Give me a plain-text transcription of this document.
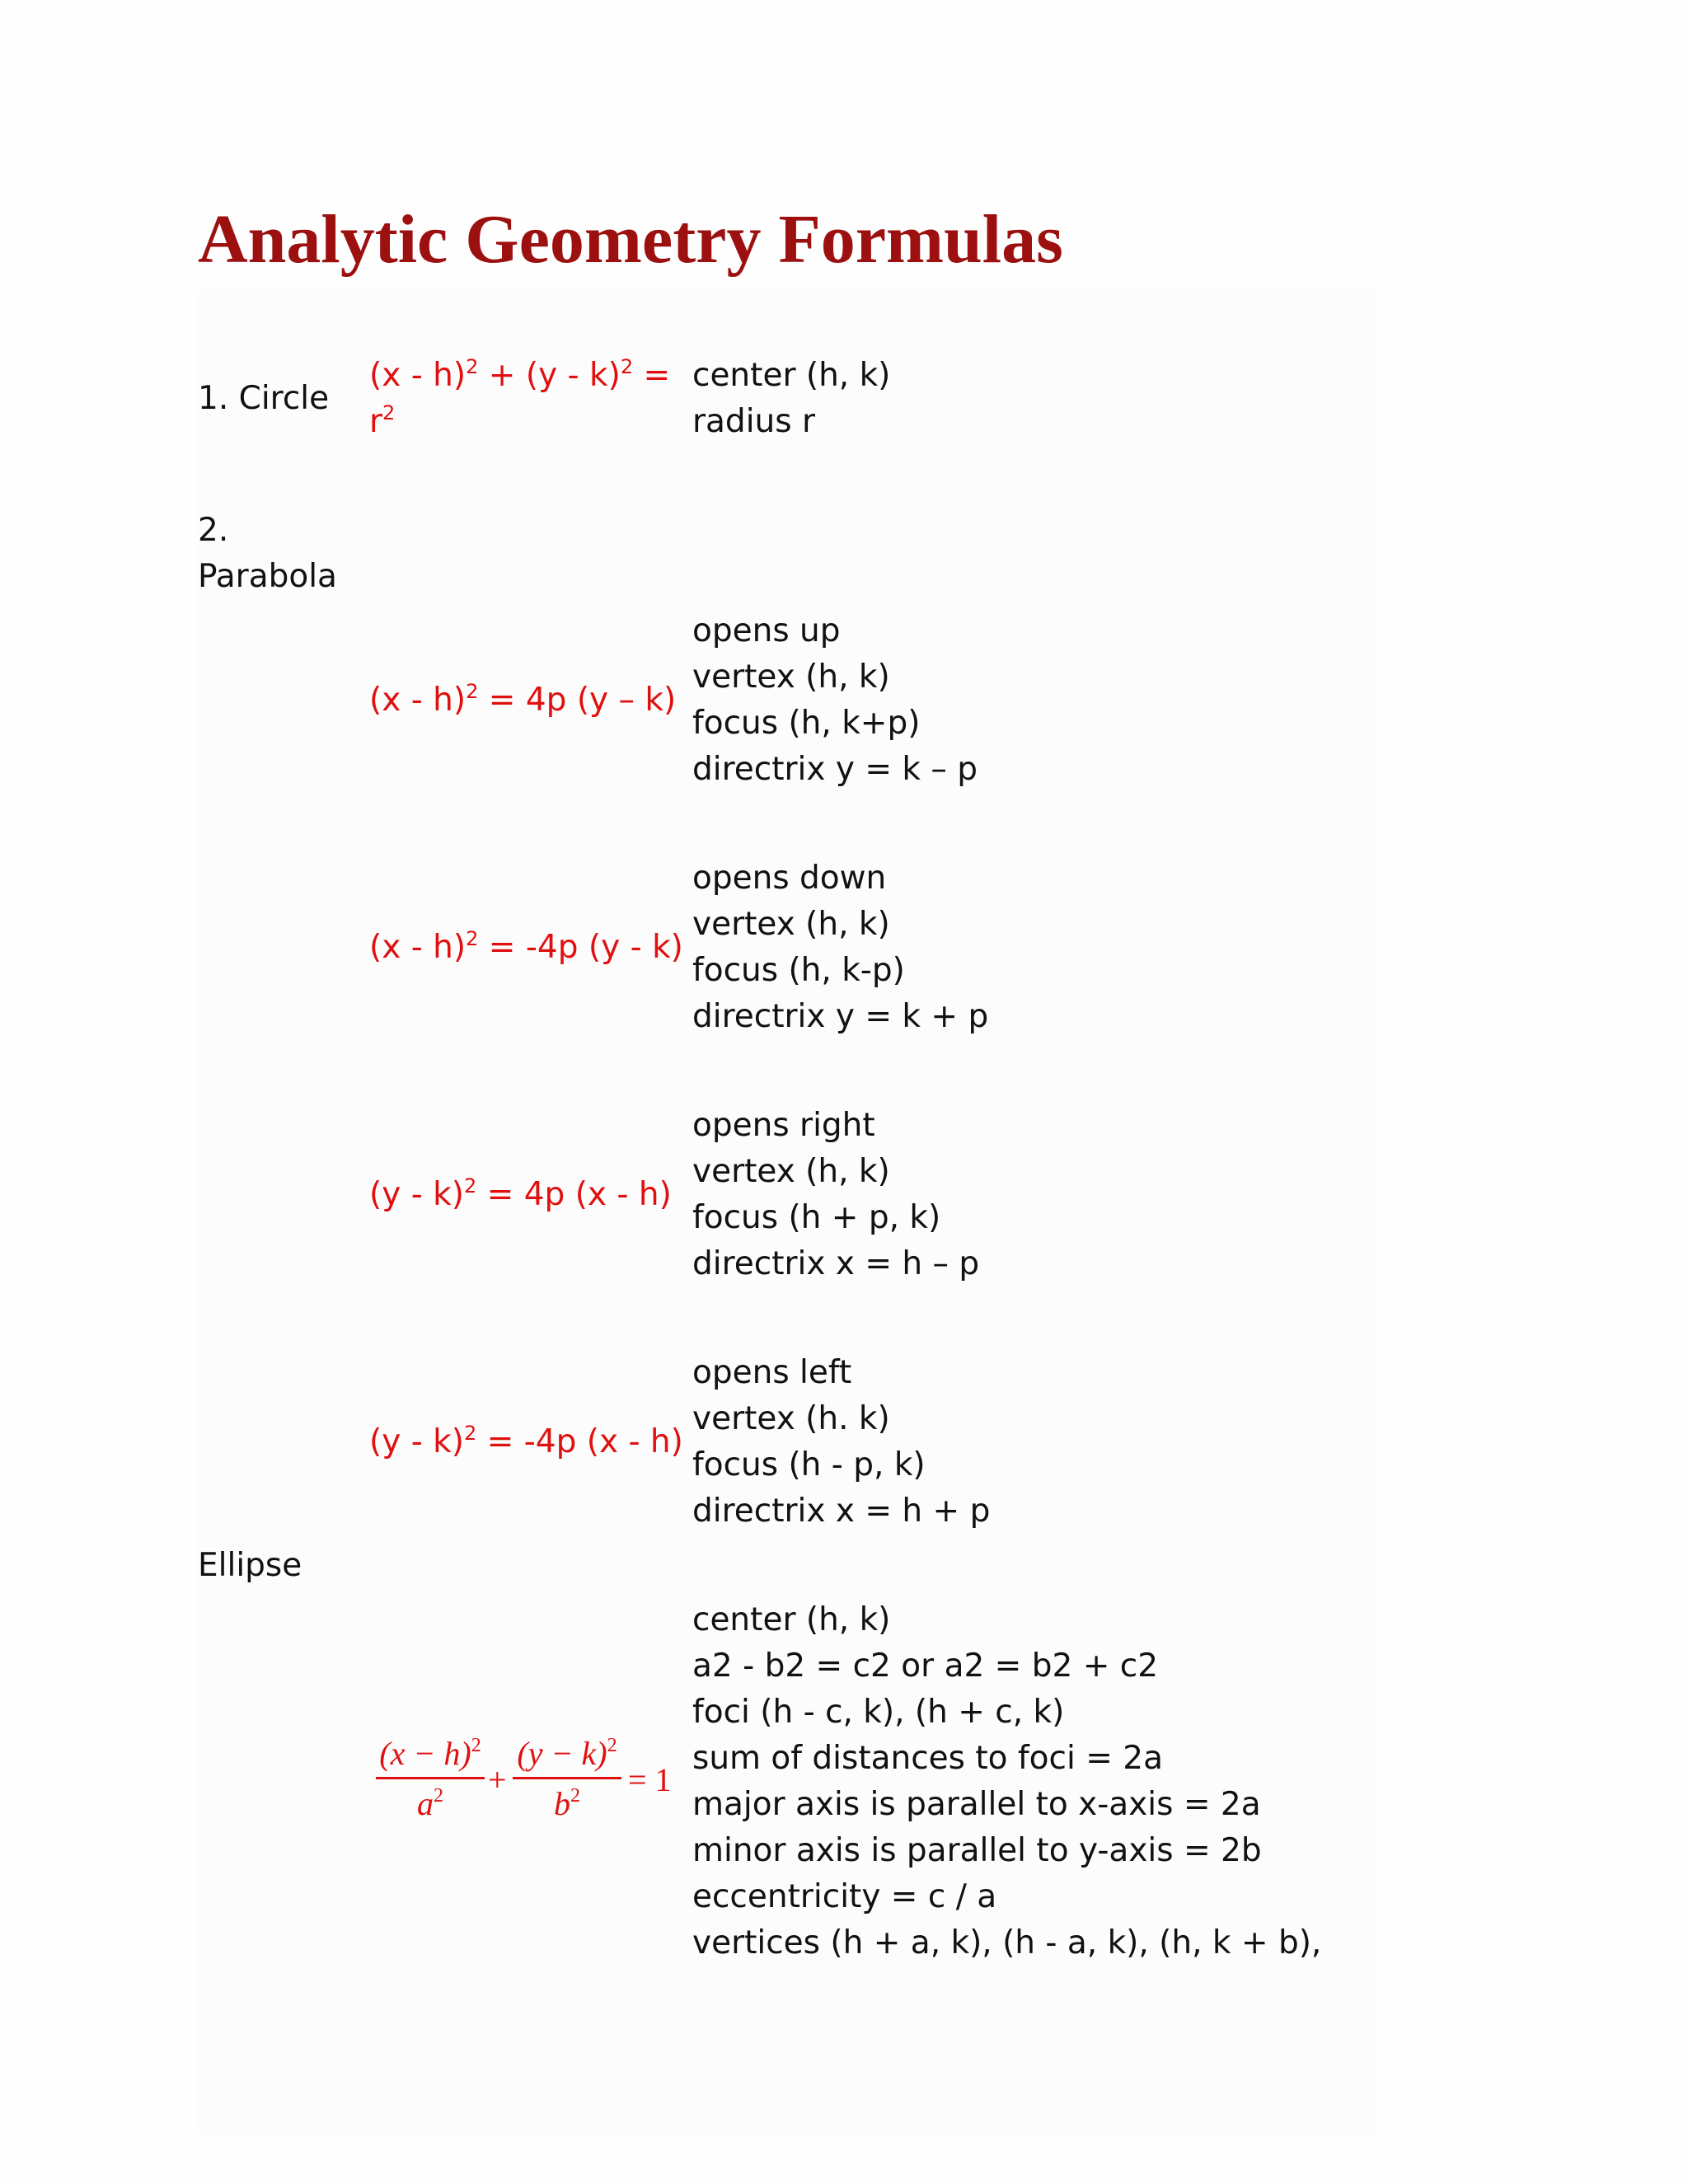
Analytic Geometry Formulas
1. Circle
(x - h)$^2$ + (y - k)$^2$ =
$r^2$
center (h, k)
radius r
2.
Parabola
(x - h)$^2$ = 4p (y – k)
opens up
vertex (h, k)
focus (h, k+p)
directrix y = k – p
(x - h)$^2$ = -4p (y - k)
opens down
vertex (h, k)
focus (h, k-p)
directrix y = k + p
(y - k)$^2$ = 4p (x - h)
opens right
vertex (h, k)
focus (h + p, k)
directrix x = h – p
(y - k)$^2$ = -4p (x - h)
opens left
vertex (h. k)
focus (h - p, k)
directrix x = h + p
Ellipse
$(x - h)^2$
$a^2$	+
$(y - k)^2$
$b^2$	= 1
center (h, k)
a2 - b2 = c2 or a2 = b2 + c2
foci (h - c, k), (h + c, k)
sum of distances to foci = 2a
major axis is parallel to x-axis = 2a
minor axis is parallel to y-axis = 2b
eccentricity = c / a
vertices (h + a, k), (h - a, k), (h, k + b),
